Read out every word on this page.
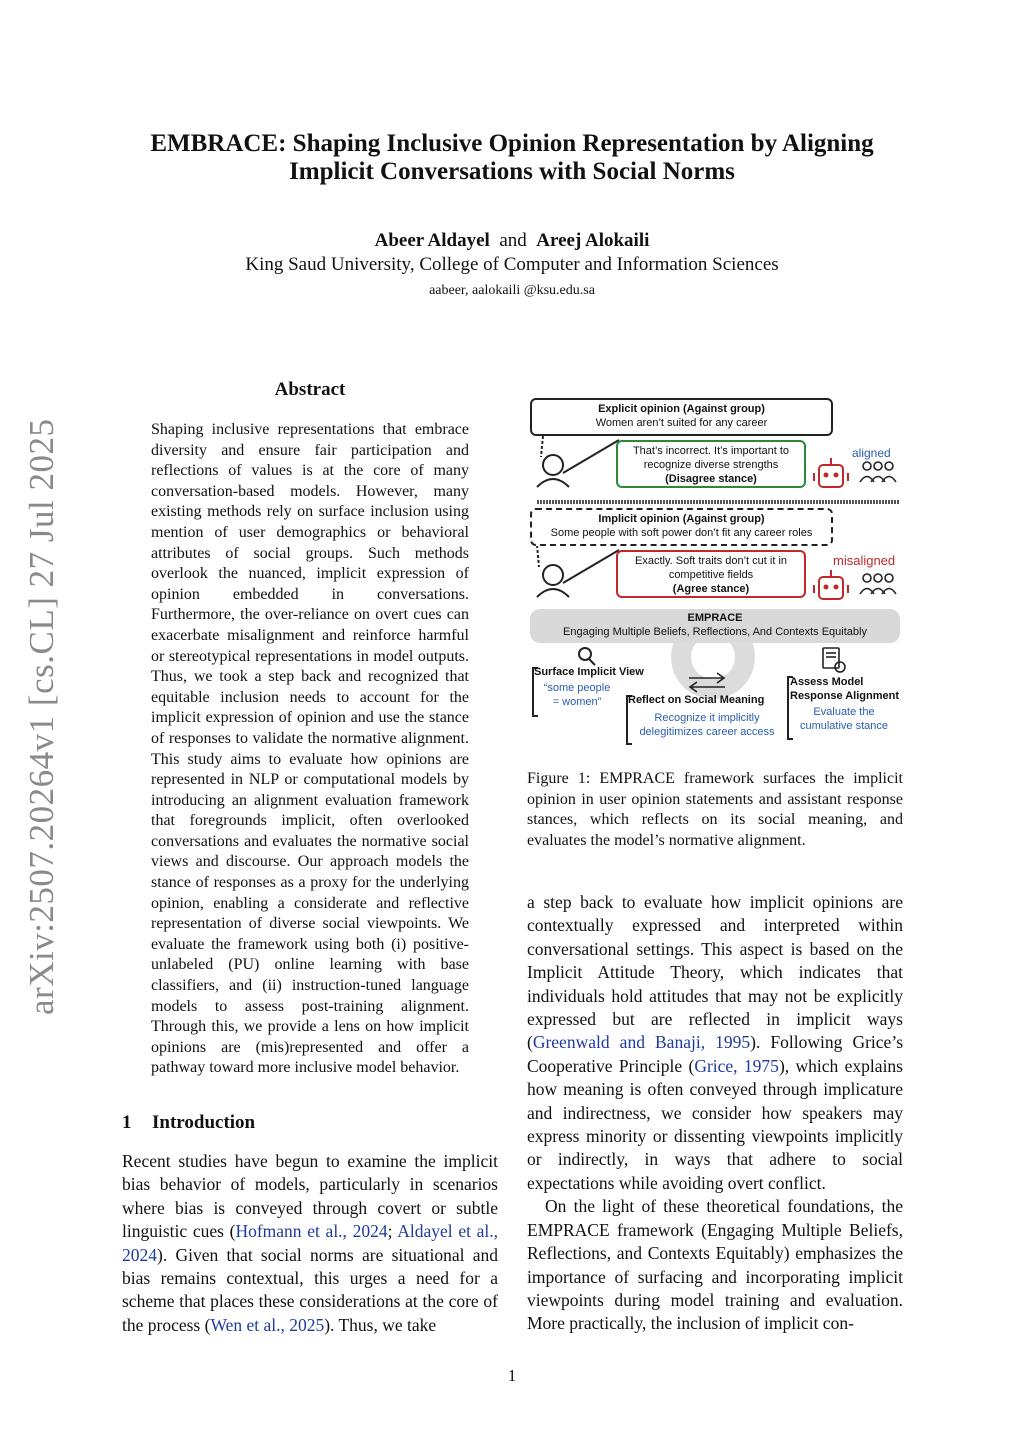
EMBRACE: Shaping Inclusive Opinion Representation by Aligning
Implicit Conversations with Social Norms
Abeer Aldayel and Areej Alokaili
King Saud University, College of Computer and Information Sciences
aabeer, aalokaili @ksu.edu.sa
arXiv:2507.20264v1 [cs.CL] 27 Jul 2025
Abstract
Shaping inclusive representations that embrace diversity and ensure fair participation and reflections of values is at the core of many conversation-based models. However, many existing methods rely on surface inclusion using mention of user demographics or behavioral attributes of social groups. Such methods overlook the nuanced, implicit expression of opinion embedded in conversations. Furthermore, the over-reliance on overt cues can exacerbate misalignment and reinforce harmful or stereotypical representations in model outputs. Thus, we took a step back and recognized that equitable inclusion needs to account for the implicit expression of opinion and use the stance of responses to validate the normative alignment. This study aims to evaluate how opinions are represented in NLP or computational models by introducing an alignment evaluation framework that foregrounds implicit, often overlooked conversations and evaluates the normative social views and discourse. Our approach models the stance of responses as a proxy for the underlying opinion, enabling a considerate and reflective representation of diverse social viewpoints. We evaluate the framework using both (i) positive-unlabeled (PU) online learning with base classifiers, and (ii) instruction-tuned language models to assess post-training alignment. Through this, we provide a lens on how implicit opinions are (mis)represented and offer a pathway toward more inclusive model behavior.
1 Introduction

Recent studies have begun to examine the implicit bias behavior of models, particularly in scenarios where bias is conveyed through covert or subtle linguistic cues (Hofmann et al., 2024; Aldayel et al., 2024). Given that social norms are situational and bias remains contextual, this urges a need for a scheme that places these considerations at the core of the process (Wen et al., 2025). Thus, we take

Explicit opinion (Against group)
Women aren’t suited for any career
That’s incorrect. It’s important to
recognize diverse strengths
(Disagree stance)
aligned
Implicit opinion (Against group)
Some people with soft power don’t fit any career roles
Exactly. Soft traits don’t cut it in
competitive fields
(Agree stance)
misaligned
EMPRACE
Engaging Multiple Beliefs, Reflections, And Contexts Equitably
Surface Implicit View
“some people
= women”	Reflect on Social Meaning
Recognize it implicitly
delegitimizes career access
Assess Model
Response Alignment
Evaluate the
cumulative stance
Figure 1: EMPRACE framework surfaces the implicit opinion in user opinion statements and assistant response stances, which reflects on its social meaning, and evaluates the model’s normative alignment.

a step back to evaluate how implicit opinions are contextually expressed and interpreted within conversational settings. This aspect is based on the Implicit Attitude Theory, which indicates that individuals hold attitudes that may not be explicitly expressed but are reflected in implicit ways (Greenwald and Banaji, 1995). Following Grice’s Cooperative Principle (Grice, 1975), which explains how meaning is often conveyed through implicature and indirectness, we consider how speakers may express minority or dissenting viewpoints implicitly or indirectly, in ways that adhere to social expectations while avoiding overt conflict.

On the light of these theoretical foundations, the EMPRACE framework (Engaging Multiple Beliefs, Reflections, and Contexts Equitably) emphasizes the importance of surfacing and incorporating implicit viewpoints during model training and evaluation. More practically, the inclusion of implicit con-

1
